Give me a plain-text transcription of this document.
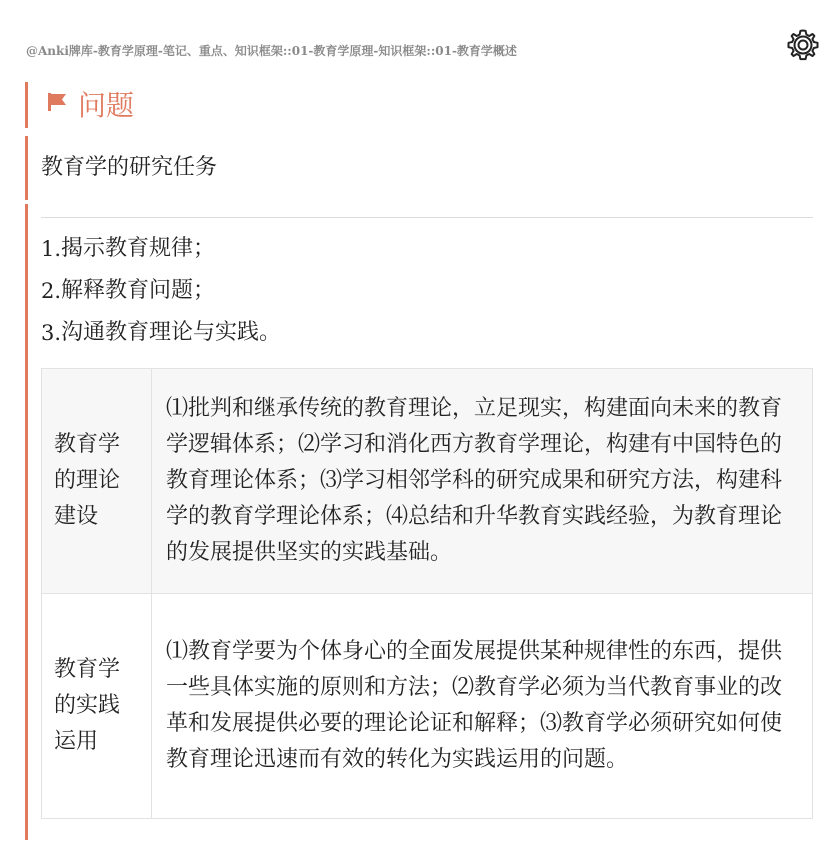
@Anki牌库-教育学原理-笔记、重点、知识框架::01-教育学原理-知识框架::01-教育学概述
问题
教育学的研究任务
1. 揭示教育规律；
2. 解释教育问题；
3. 沟通教育理论与实践。
教育学的理论建设	⑴批判和继承传统的教育理论，立足现实，构建面向未来的教育学逻辑体系；⑵学习和消化西方教育学理论，构建有中国特色的教育理论体系；⑶学习相邻学科的研究成果和研究方法，构建科学的教育学理论体系；⑷总结和升华教育实践经验，为教育理论的发展提供坚实的实践基础。
教育学的实践运用	⑴教育学要为个体身心的全面发展提供某种规律性的东西，提供一些具体实施的原则和方法；⑵教育学必须为当代教育事业的改革和发展提供必要的理论论证和解释；⑶教育学必须研究如何使教育理论迅速而有效的转化为实践运用的问题。
